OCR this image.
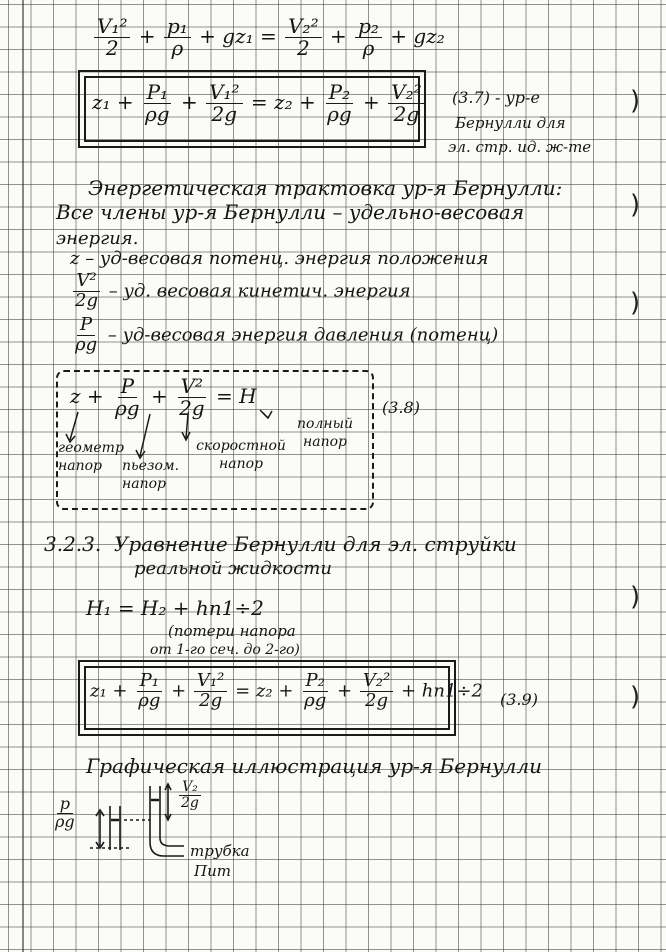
$\frac{\text{V₁²}}{2} + \frac{\text{p₁}}{\rho} + gz_1 = \frac{\text{V₂²}}{2} + \frac{\text{p₂}}{\rho} + gz_2$
$z_1 + \frac{\text{P₁}}{\rho g} + \frac{\text{V₁²}}{2g} = z_2 + \frac{\text{P₂}}{\rho g} + \frac{\text{V₂²}}{2g} (3.7) - ур-е$
Бернулли для
эл. стр. ид. ж-те
Энергетическая трактовка ур-я Бернулли:
Все члены ур-я Бернулли – удельно-весовая
энергия.
z – уд-весовая потенц. энергия положения
$\frac{\text{V²}}{2g}$ – уд. весовая кинетич. энергия
$\frac{P}{\rho g}$ – уд-весовая энергия давления (потенц)
$z + \frac{P}{\rho g} + \frac{\text{V²}}{2g} = H$	(3.8)
геометр напор	пьезом. напор
скоростной напор
полный напор
3.2.3. Уравнение Бернулли для эл. струйки
реальной жидкости
H₁ = H₂ + hп1÷2
(потери напора
от 1-го сеч. до 2-го)
$z_1 + \frac{\text{P₁}}{\rho g} + \frac{\text{V₁²}}{2g} = z_2 + \frac{\text{P₂}}{\rho g} + \frac{\text{V₂²}}{2g} + hп1\div 2$ (3.9)
Графическая иллюстрация ур-я Бернулли
$\frac{p}{\rho g}$
$\frac{\text{V₂}}{2g}$
трубка
Пит
)
)
)
)
)
